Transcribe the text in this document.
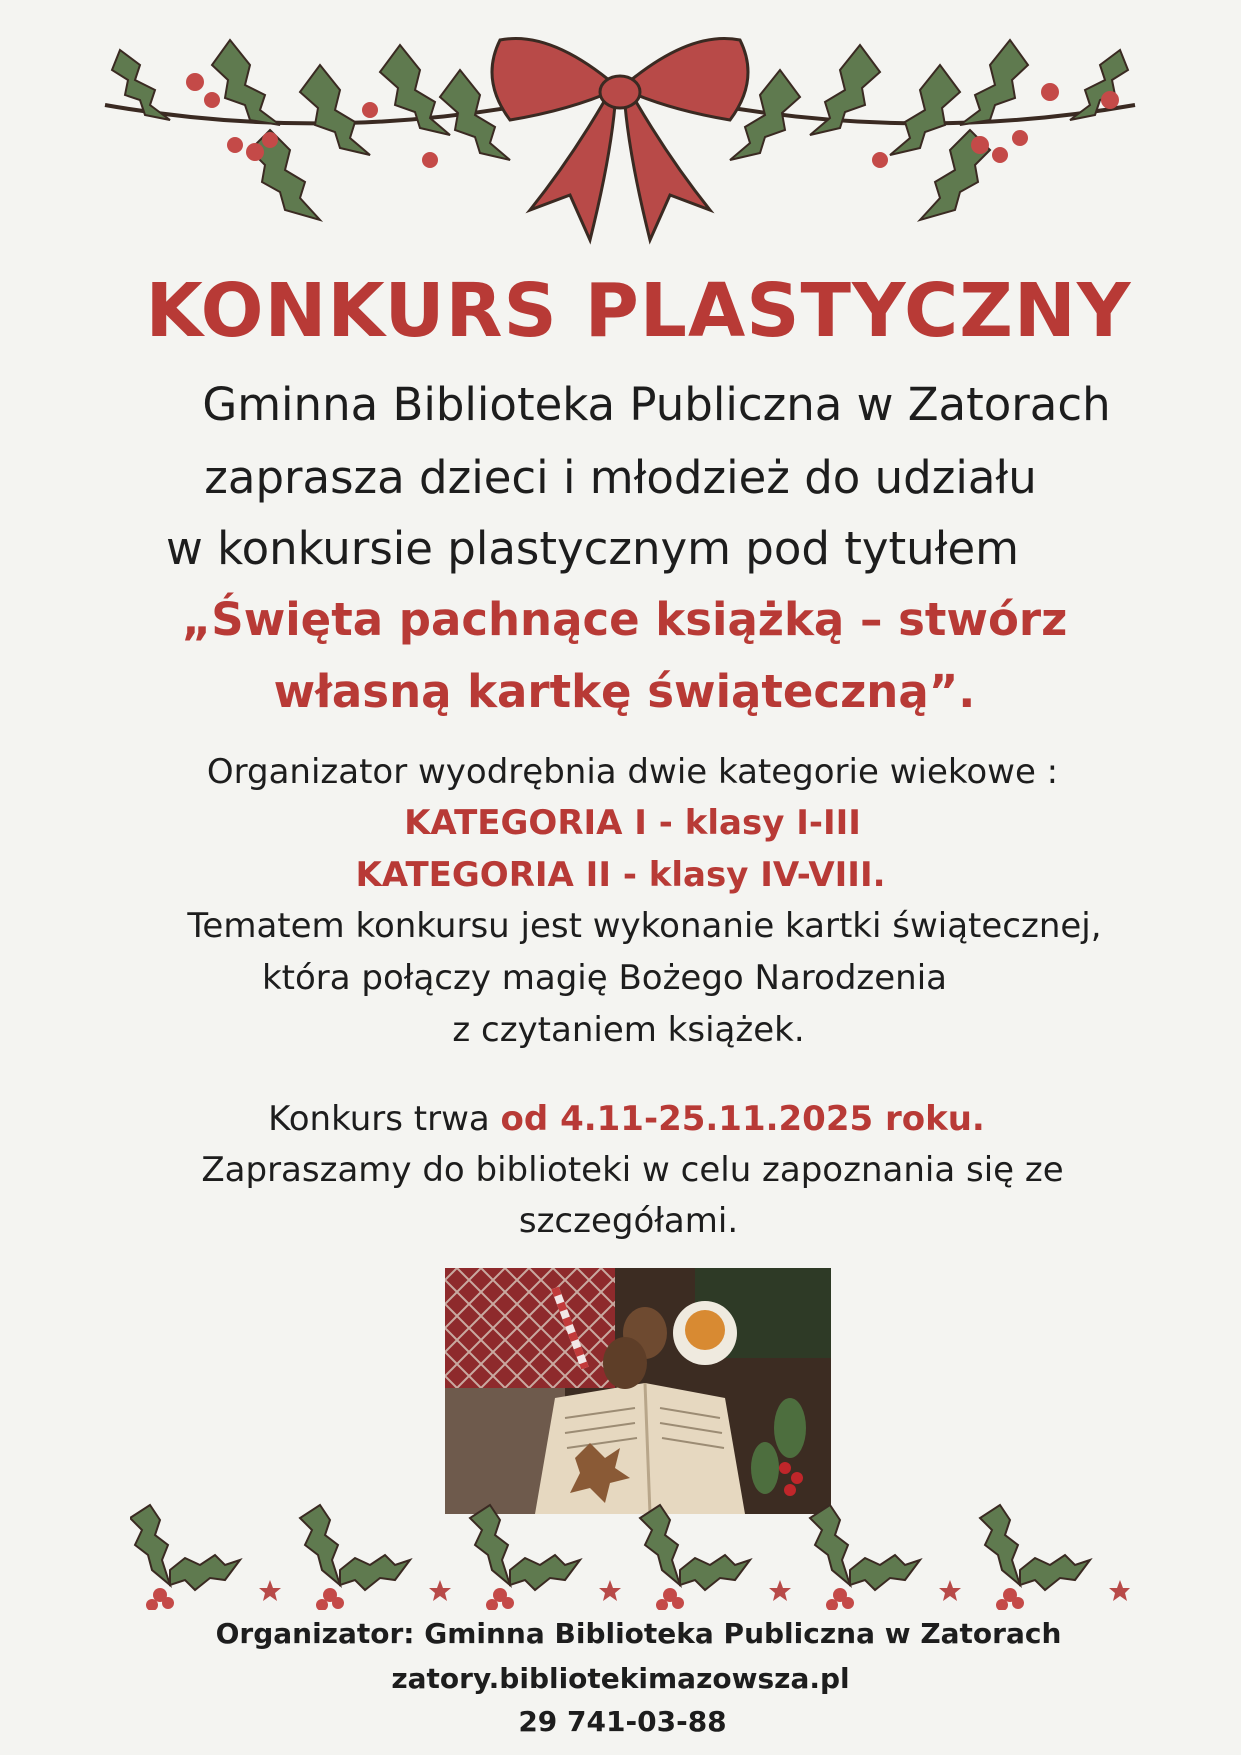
KONKURS PLASTYCZNY
Gminna Biblioteka Publiczna w Zatorach
zaprasza dzieci i młodzież do udziału
w konkursie plastycznym pod tytułem
„Święta pachnące książką – stwórz
własną kartkę świąteczną”.
Organizator wyodrębnia dwie kategorie wiekowe :
KATEGORIA I - klasy I-III
KATEGORIA II - klasy IV-VIII.
Tematem konkursu jest wykonanie kartki świątecznej,
która połączy magię Bożego Narodzenia
z czytaniem książek.
Konkurs trwa od 4.11-25.11.2025 roku.
Zapraszamy do biblioteki w celu zapoznania się ze
szczegółami.
Organizator: Gminna Biblioteka Publiczna w Zatorach
zatory.bibliotekimazowsza.pl
29 741-03-88
